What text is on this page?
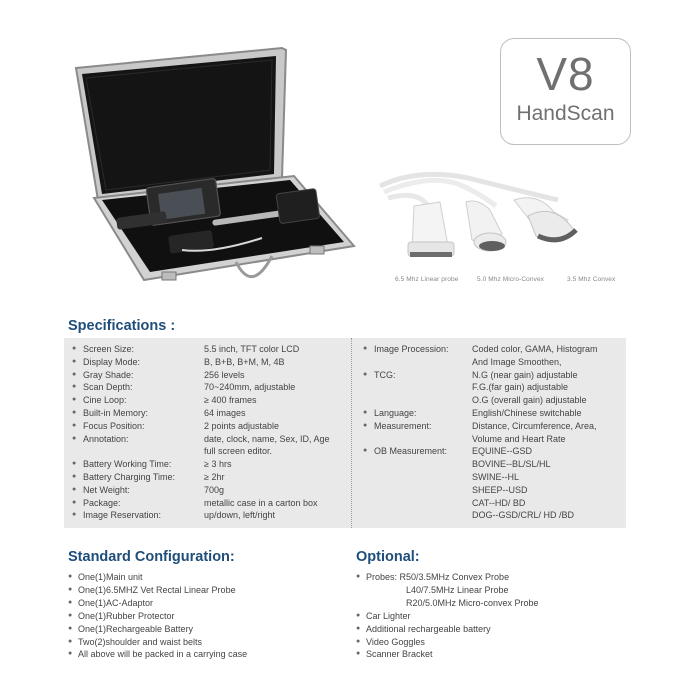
6.5 Mhz Linear probe	5.0 Mhz Micro-Convex	3.5 Mhz Convex
V8
HandScan
Specifications :
● Screen Size:	5.5 inch, TFT color LCD
● Display Mode:	B, B+B, B+M, M, 4B
● Gray Shade:	256 levels
● Scan Depth:	70~240mm, adjustable
● Cine Loop:	≥ 400 frames
● Built-in Memory:	64 images
● Focus Position:	2 points adjustable
● Annotation:	date, clock, name, Sex, ID, Age
full screen editor.
● Battery Working Time:	≥ 3 hrs
● Battery Charging Time:	≥ 2hr
● Net Weight:	700g
● Package:	metallic case in a carton box
● Image Reservation:	up/down, left/right
● Image Procession:	Coded color, GAMA, Histogram
And Image Smoothen,
● TCG:	N.G (near gain) adjustable
F.G.(far gain) adjustable
O.G (overall gain) adjustable
● Language:	English/Chinese switchable
● Measurement:	Distance, Circumference, Area,
Volume and Heart Rate
● OB Measurement:	EQUINE--GSD
BOVINE--BL/SL/HL
SWINE--HL
SHEEP--USD
CAT--HD/ BD
DOG--GSD/CRL/ HD /BD
Standard Configuration:
● One(1)Main unit
● One(1)6.5MHZ Vet Rectal Linear Probe
● One(1)AC-Adaptor
● One(1)Rubber Protector
● One(1)Rechargeable Battery
● Two(2)shoulder and waist belts
● All above will be packed in a carrying case
Optional:
● Probes: R50/3.5MHz Convex Probe
L40/7.5MHz Linear Probe
R20/5.0MHz Micro-convex Probe
● Car Lighter
● Additional rechargeable battery
● Video Goggles
● Scanner Bracket
